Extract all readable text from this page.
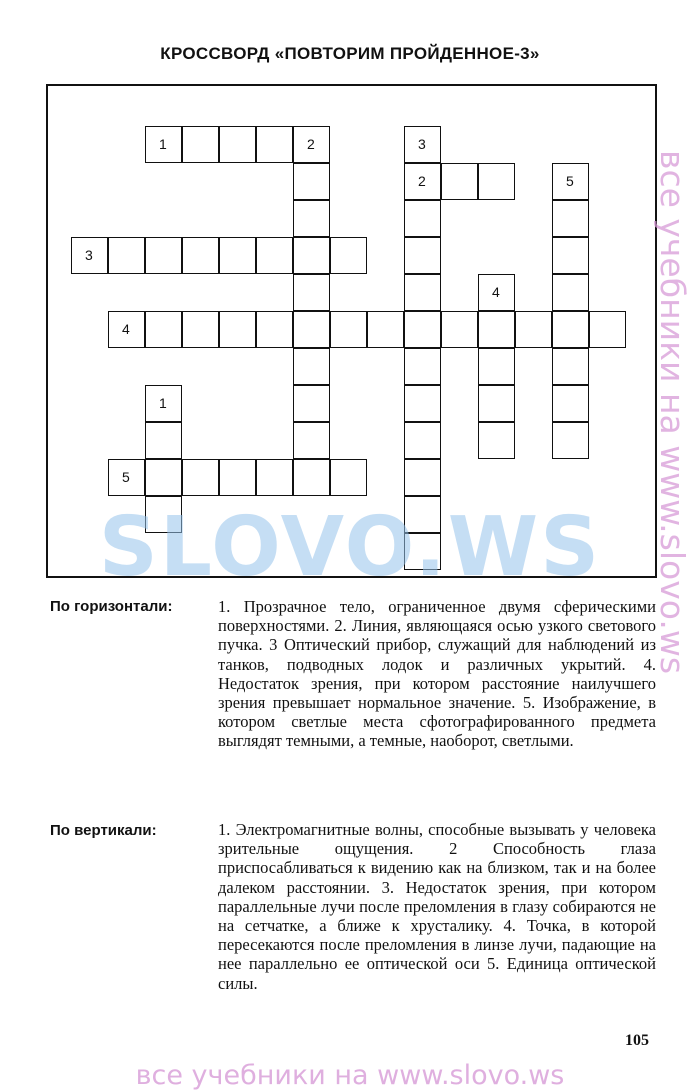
КРОССВОРД «ПОВТОРИМ ПРОЙДЕННОЕ-3»
1	2	3
2	5
3
4
4
1
5
SLOVO.WS	все учебники на www.slovo.ws
По горизонтали:	1. Прозрачное тело, ограниченное двумя сферическими поверхностями. 2. Линия, являющаяся осью узкого светового пучка. 3 Оптический прибор, служащий для наблюдений из танков, подводных лодок и различных укрытий. 4. Недостаток зрения, при котором расстояние наилучшего зрения превышает нормальное значение. 5. Изображение, в котором светлые места сфотографированного предмета выглядят темными, а темные, наоборот, светлыми.
По вертикали:	1. Электромагнитные волны, способные вызывать у человека зрительные ощущения. 2 Способность глаза приспосабливаться к видению как на близком, так и на более далеком расстоянии. 3. Недостаток зрения, при котором параллельные лучи после преломления в глазу собираются не на сетчатке, а ближе к хрусталику. 4. Точка, в которой пересекаются после преломления в линзе лучи, падающие на нее параллельно ее оптической оси 5. Единица оптической силы.
105
все учебники на www.slovo.ws
